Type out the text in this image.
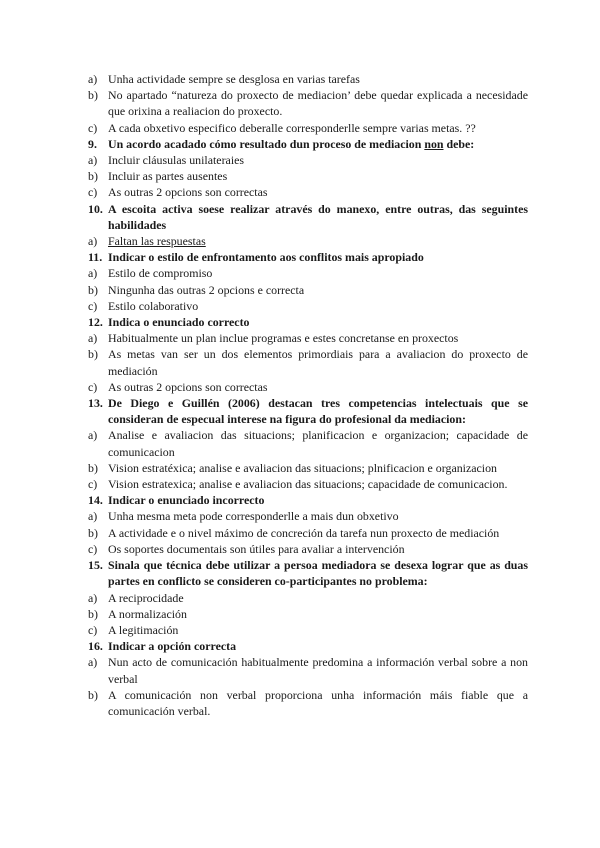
a) Unha actividade sempre se desglosa en varias tarefas
b) No apartado “natureza do proxecto de mediacion’ debe quedar explicada a necesidade que orixina a realiacion do proxecto.
c) A cada obxetivo especifico deberalle corresponderlle sempre varias metas. ??
9. Un acordo acadado cómo resultado dun proceso de mediacion non debe:
a) Incluir cláusulas unilateraies
b) Incluir as partes ausentes
c) As outras 2 opcions son correctas
10. A escoita activa soese realizar através do manexo, entre outras, das seguintes habilidades
a) Faltan las respuestas
11. Indicar o estilo de enfrontamento aos conflitos mais apropiado
a) Estilo de compromiso
b) Ningunha das outras 2 opcions e correcta
c) Estilo colaborativo
12. Indica o enunciado correcto
a) Habitualmente un plan inclue programas e estes concretanse en proxectos
b) As metas van ser un dos elementos primordiais para a avaliacion do proxecto de mediación
c) As outras 2 opcions son correctas
13. De Diego e Guillén (2006) destacan tres competencias intelectuais que se consideran de especual interese na figura do profesional da mediacion:
a) Analise e avaliacion das situacions; planificacion e organizacion; capacidade de comunicacion
b) Vision estratéxica; analise e avaliacion das situacions; plnificacion e organizacion
c) Vision estratexica; analise e avaliacion das situacions; capacidade de comunicacion.
14. Indicar o enunciado incorrecto
a) Unha mesma meta pode corresponderlle a mais dun obxetivo
b) A actividade e o nivel máximo de concreción da tarefa nun proxecto de mediación
c) Os soportes documentais son útiles para avaliar a intervención
15. Sinala que técnica debe utilizar a persoa mediadora se desexa lograr que as duas partes en conflicto se consideren co-participantes no problema:
a) A reciprocidade
b) A normalización
c) A legitimación
16. Indicar a opción correcta
a) Nun acto de comunicación habitualmente predomina a información verbal sobre a non verbal
b) A comunicación non verbal proporciona unha información máis fiable que a comunicación verbal.
